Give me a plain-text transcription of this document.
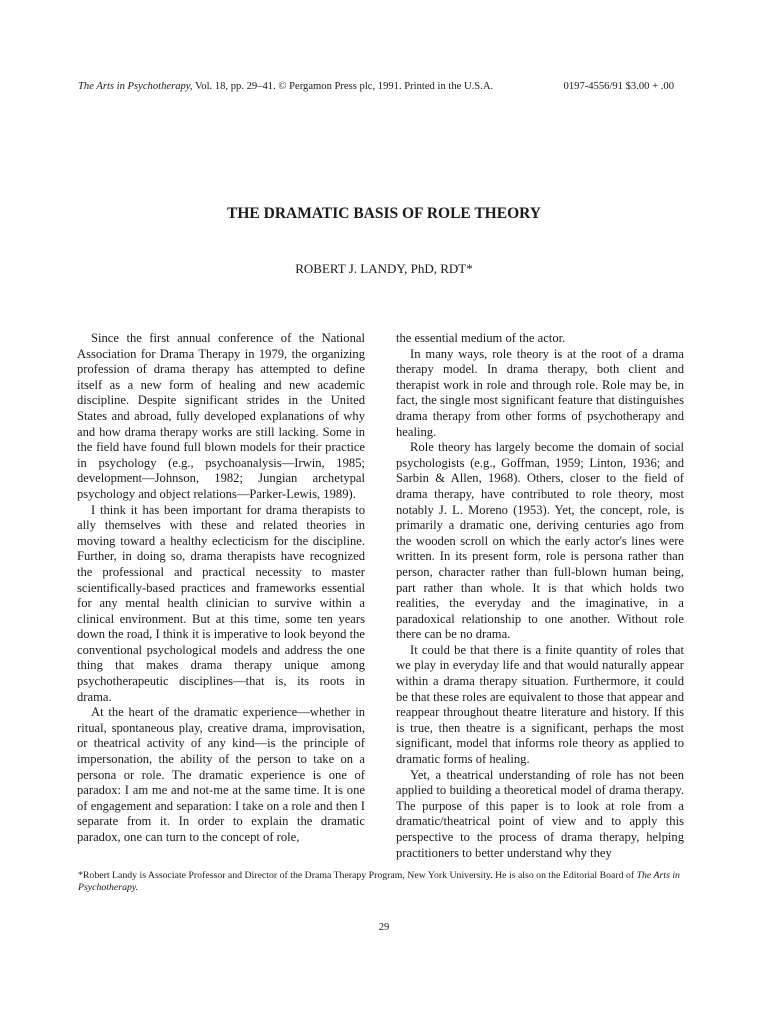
The Arts in Psychotherapy, Vol. 18, pp. 29–41. © Pergamon Press plc, 1991. Printed in the U.S.A.	0197-4556/91 $3.00 + .00
THE DRAMATIC BASIS OF ROLE THEORY
ROBERT J. LANDY, PhD, RDT*

Since the first annual conference of the National Association for Drama Therapy in 1979, the organizing profession of drama therapy has attempted to define itself as a new form of healing and new academic discipline. Despite significant strides in the United States and abroad, fully developed explanations of why and how drama therapy works are still lacking. Some in the field have found full blown models for their practice in psychology (e.g., psychoanalysis—Irwin, 1985; development—Johnson, 1982; Jungian archetypal psychology and object relations—Parker-Lewis, 1989).

I think it has been important for drama therapists to ally themselves with these and related theories in moving toward a healthy eclecticism for the discipline. Further, in doing so, drama therapists have recognized the professional and practical necessity to master scientifically-based practices and frameworks essential for any mental health clinician to survive within a clinical environment. But at this time, some ten years down the road, I think it is imperative to look beyond the conventional psychological models and address the one thing that makes drama therapy unique among psychotherapeutic disciplines—that is, its roots in drama.

At the heart of the dramatic experience—whether in ritual, spontaneous play, creative drama, improvisation, or theatrical activity of any kind—is the principle of impersonation, the ability of the person to take on a persona or role. The dramatic experience is one of paradox: I am me and not-me at the same time. It is one of engagement and separation: I take on a role and then I separate from it. In order to explain the dramatic paradox, one can turn to the concept of role,

the essential medium of the actor.

In many ways, role theory is at the root of a drama therapy model. In drama therapy, both client and therapist work in role and through role. Role may be, in fact, the single most significant feature that distinguishes drama therapy from other forms of psychotherapy and healing.

Role theory has largely become the domain of social psychologists (e.g., Goffman, 1959; Linton, 1936; and Sarbin & Allen, 1968). Others, closer to the field of drama therapy, have contributed to role theory, most notably J. L. Moreno (1953). Yet, the concept, role, is primarily a dramatic one, deriving centuries ago from the wooden scroll on which the early actor's lines were written. In its present form, role is persona rather than person, character rather than full-blown human being, part rather than whole. It is that which holds two realities, the everyday and the imaginative, in a paradoxical relationship to one another. Without role there can be no drama.

It could be that there is a finite quantity of roles that we play in everyday life and that would naturally appear within a drama therapy situation. Furthermore, it could be that these roles are equivalent to those that appear and reappear throughout theatre literature and history. If this is true, then theatre is a significant, perhaps the most significant, model that informs role theory as applied to dramatic forms of healing.

Yet, a theatrical understanding of role has not been applied to building a theoretical model of drama therapy. The purpose of this paper is to look at role from a dramatic/theatrical point of view and to apply this perspective to the process of drama therapy, helping practitioners to better understand why they

*Robert Landy is Associate Professor and Director of the Drama Therapy Program, New York University. He is also on the Editorial Board of The Arts in Psychotherapy.
29
